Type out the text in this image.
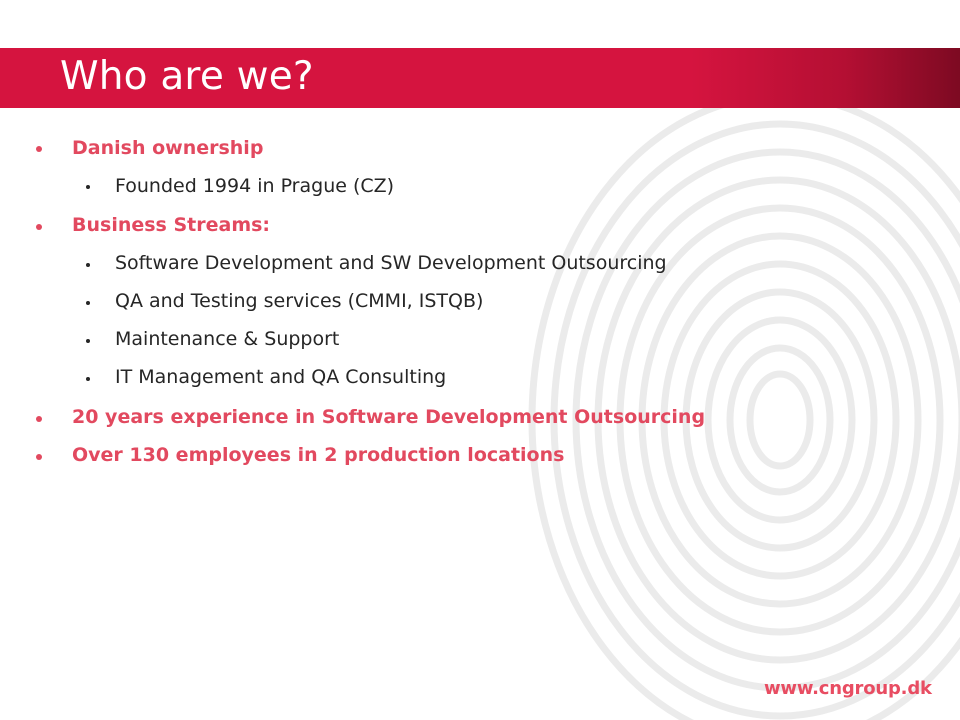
Who are we?
Danish ownership
Founded 1994 in Prague (CZ)
Business Streams:
Software Development and SW Development Outsourcing
QA and Testing services (CMMI, ISTQB)
Maintenance & Support
IT Management and QA Consulting
20 years experience in Software Development Outsourcing
Over 130 employees in 2 production locations
www.cngroup.dk
